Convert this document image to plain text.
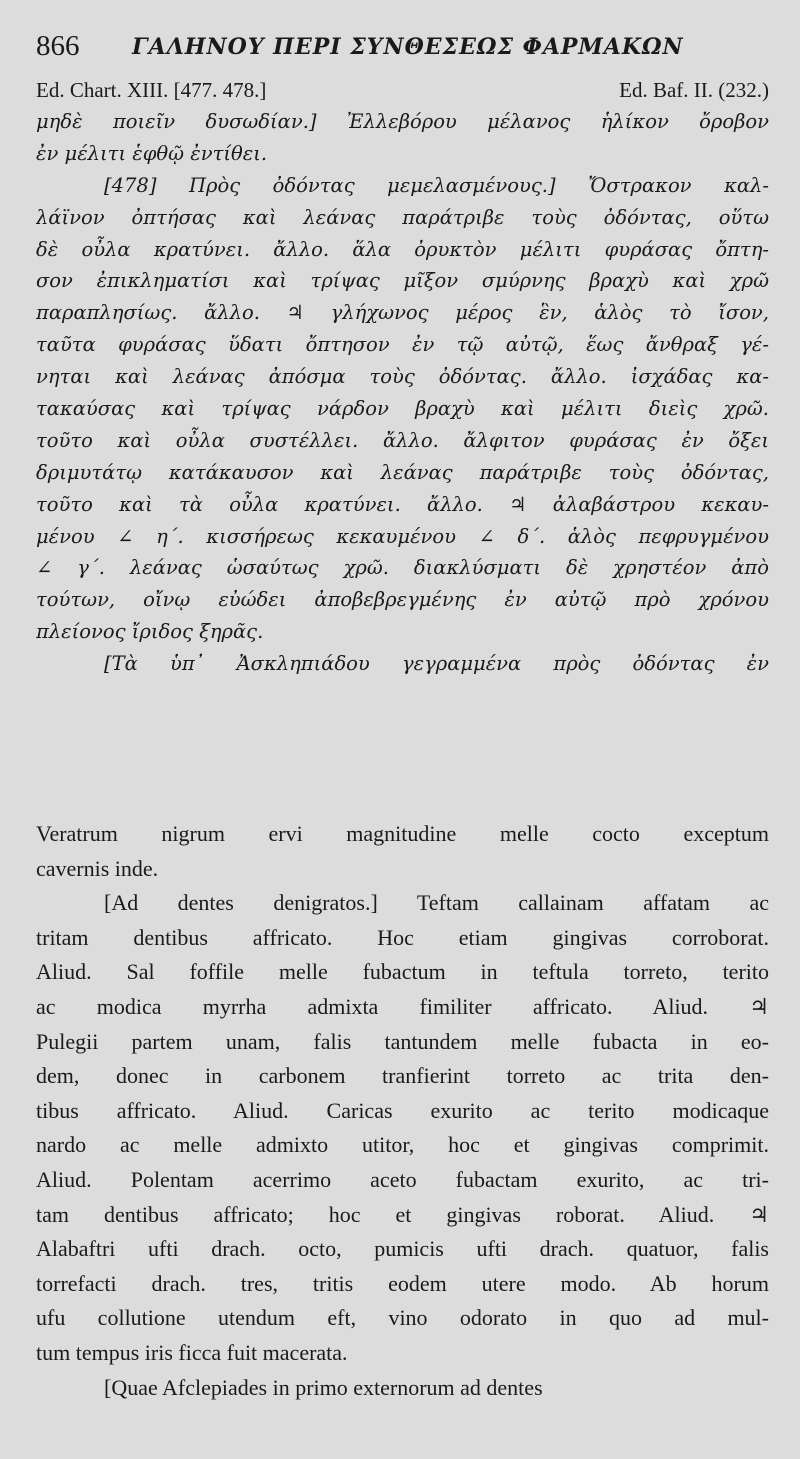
866 ΓΑΛΗΝΟΥ ΠΕΡΙ ΣΥΝΘΕΣΕΩΣ ΦΑΡΜΑΚΩΝ
Ed. Chart. XIII. [477. 478.]	Ed. Baf. II. (232.)

μηδὲ ποιεῖν δυσωδίαν.] Ἐλλεβόρου μέλανος ἡλίκον ὄροβον

ἐν μέλιτι ἑφθῷ ἐντίθει.

[478] Πρὸς ὀδόντας μεμελασμένους.] Ὄστρακον καλ-

λάϊνον ὀπτήσας καὶ λεάνας παράτριβε τοὺς ὀδόντας, οὕτω

δὲ οὖλα κρατύνει. ἄλλο. ἅλα ὀρυκτὸν μέλιτι φυράσας ὄπτη-

σον ἐπικληματίσι καὶ τρίψας μῖξον σμύρνης βραχὺ καὶ χρῶ

παραπλησίως. ἄλλο. ♃ γλήχωνος μέρος ἓν, ἁλὸς τὸ ἴσον,

ταῦτα φυράσας ὕδατι ὄπτησον ἐν τῷ αὐτῷ, ἕως ἄνθραξ γέ-

νηται καὶ λεάνας ἀπόσμα τοὺς ὀδόντας. ἄλλο. ἰσχάδας κα-

τακαύσας καὶ τρίψας νάρδον βραχὺ καὶ μέλιτι διεὶς χρῶ.

τοῦτο καὶ οὖλα συστέλλει. ἄλλο. ἄλφιτον φυράσας ἐν ὄξει

δριμυτάτῳ κατάκαυσον καὶ λεάνας παράτριβε τοὺς ὀδόντας,

τοῦτο καὶ τὰ οὖλα κρατύνει. ἄλλο. ♃ ἀλαβάστρου κεκαυ-

μένου ∠ η΄. κισσήρεως κεκαυμένου ∠ δ΄. ἁλὸς πεφρυγμένου

∠ γ΄. λεάνας ὡσαύτως χρῶ. διακλύσματι δὲ χρηστέον ἀπὸ

τούτων, οἴνῳ εὐώδει ἀποβεβρεγμένης ἐν αὐτῷ πρὸ χρόνου

πλείονος ἴριδος ξηρᾶς.

[Τὰ ὑπ᾽ Ἀσκληπιάδου γεγραμμένα πρὸς ὀδόντας ἐν

Veratrum nigrum ervi magnitudine melle cocto exceptum

cavernis inde.

[Ad dentes denigratos.] Teftam callainam affatam ac

tritam dentibus affricato. Hoc etiam gingivas corroborat.

Aliud. Sal foffile melle fubactum in teftula torreto, terito

ac modica myrrha admixta fimiliter affricato. Aliud. ♃

Pulegii partem unam, falis tantundem melle fubacta in eo-

dem, donec in carbonem tranfierint torreto ac trita den-

tibus affricato. Aliud. Caricas exurito ac terito modicaque

nardo ac melle admixto utitor, hoc et gingivas comprimit.

Aliud. Polentam acerrimo aceto fubactam exurito, ac tri-

tam dentibus affricato; hoc et gingivas roborat. Aliud. ♃

Alabaftri ufti drach. octo, pumicis ufti drach. quatuor, falis

torrefacti drach. tres, tritis eodem utere modo. Ab horum

ufu collutione utendum eft, vino odorato in quo ad mul-

tum tempus iris ficca fuit macerata.

[Quae Afclepiades in primo externorum ad dentes
